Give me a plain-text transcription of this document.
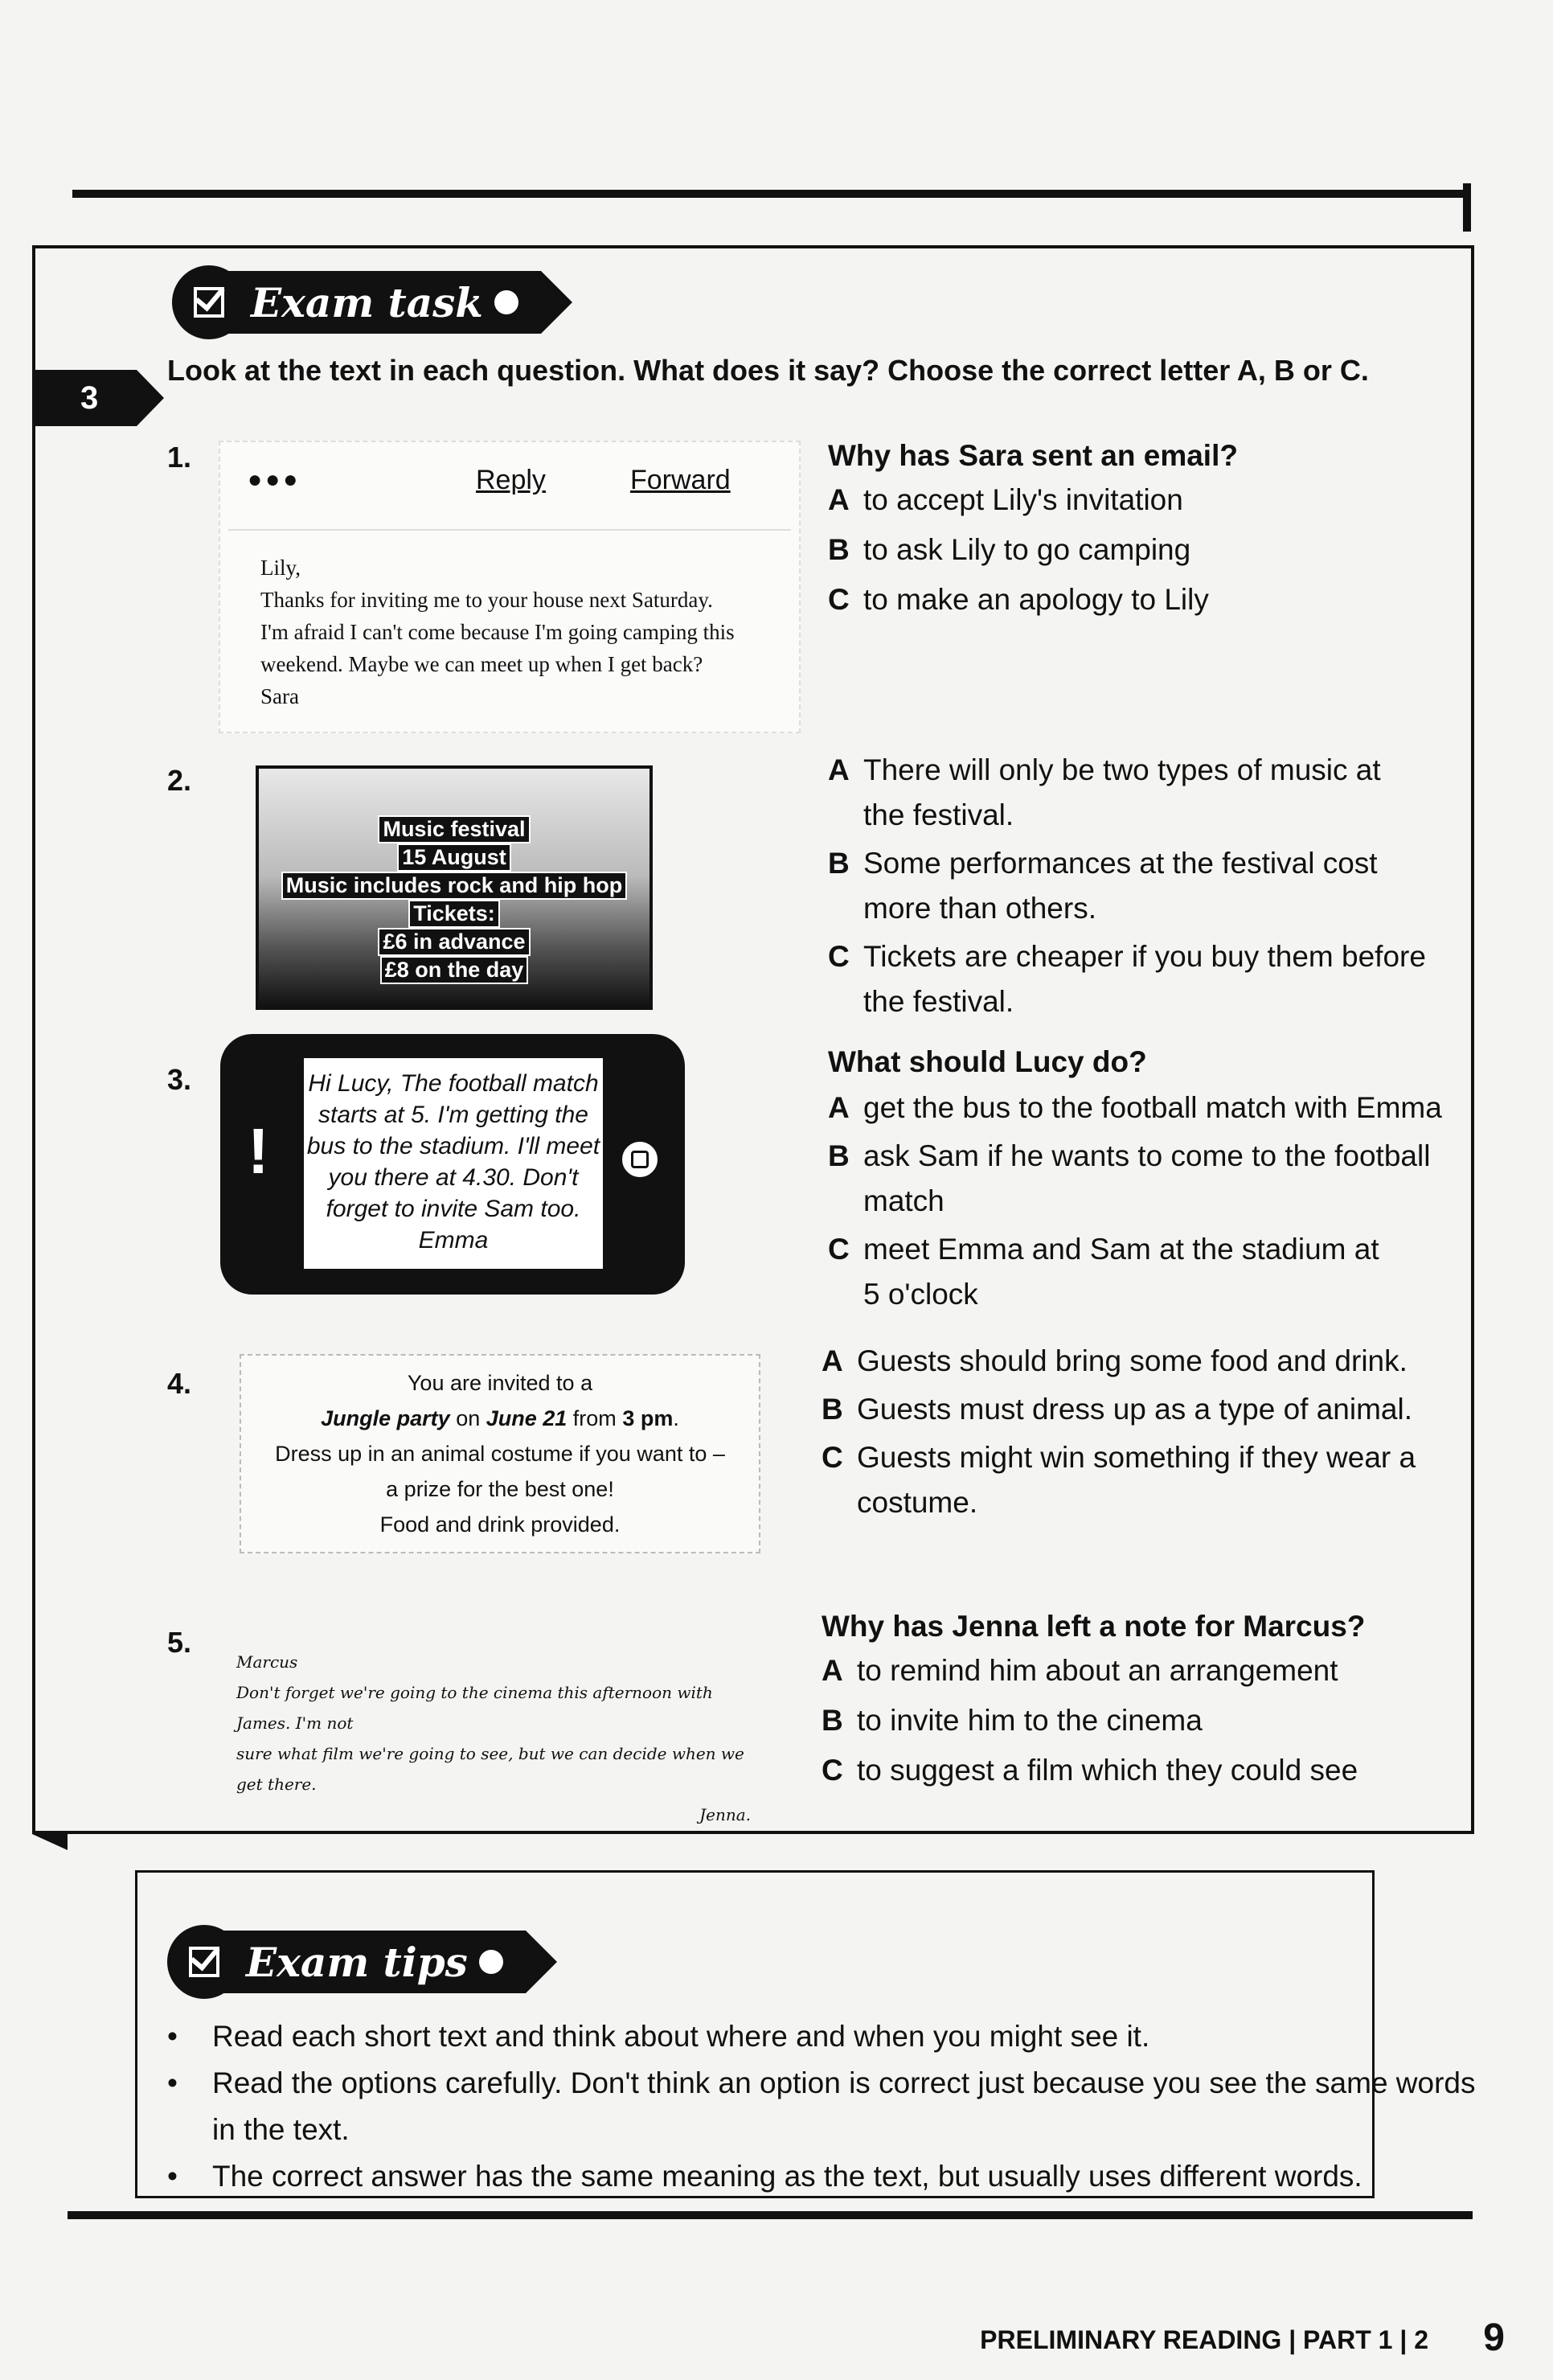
Exam task
3
Look at the text in each question. What does it say? Choose the correct letter A, B or C.
1.
●●●	Reply	Forward
Lily,
Thanks for inviting me to your house next Saturday.
I'm afraid I can't come because I'm going camping this
weekend. Maybe we can meet up when I get back?
Sara
Why has Sara sent an email?
A to accept Lily's invitation
B to ask Lily to go camping
C to make an apology to Lily
2.
Music festival
15 August
Music includes rock and hip hop
Tickets:
£6 in advance
£8 on the day
A There will only be two types of music at
the festival.
B Some performances at the festival cost
more than others.
C Tickets are cheaper if you buy them before
the festival.
3.
!
Hi Lucy, The football match
starts at 5. I'm getting the
bus to the stadium. I'll meet
you there at 4.30. Don't
forget to invite Sam too.
Emma
What should Lucy do?
A get the bus to the football match with Emma
B ask Sam if he wants to come to the football
match
C meet Emma and Sam at the stadium at
5 o'clock
4.	You are invited to a
Jungle party on June 21 from 3 pm.
Dress up in an animal costume if you want to –
a prize for the best one!
Food and drink provided.
A Guests should bring some food and drink.
B Guests must dress up as a type of animal.
C Guests might win something if they wear a
costume.
5.
Marcus
Don't forget we're going to the cinema this afternoon with James. I'm not
sure what film we're going to see, but we can decide when we get there.
Jenna.
Why has Jenna left a note for Marcus?
A to remind him about an arrangement
B to invite him to the cinema
C to suggest a film which they could see
Exam tips
• Read each short text and think about where and when you might see it.
• Read the options carefully. Don't think an option is correct just because you see the same words
in the text.
• The correct answer has the same meaning as the text, but usually uses different words.
PRELIMINARY READING | PART 1 | 2 9
